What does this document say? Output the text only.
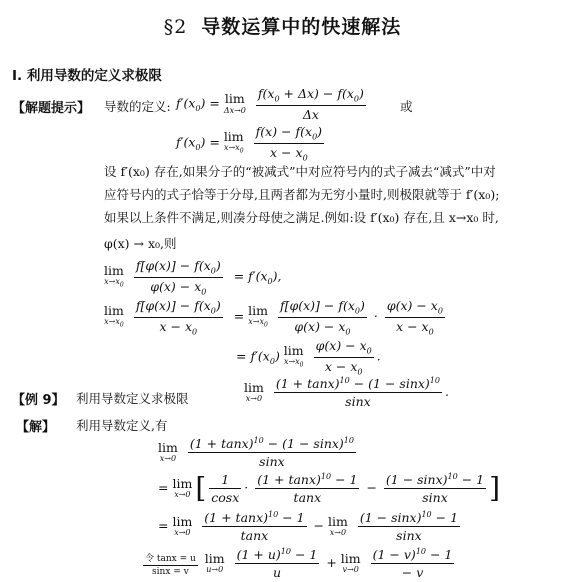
§2 导数运算中的快速解法
Ⅰ. 利用导数的定义求极限
【解题提示】 导数的定义: $f'(x_0) = \lim$
Δx→0
$\frac{f(x_0 + \Delta x) - f(x_0)}{\Delta x}$	或
$f'(x_0) = \lim$
$x\to x_0$
$\frac{f(x) - f(x_0)}{x - x_0}$
设 f′(x₀) 存在,如果分子的“被减式”中对应符号内的式子减去“减式”中对
应符号内的式子恰等于分母,且两者都为无穷小量时,则极限就等于 f′(x₀);
如果以上条件不满足,则凑分母使之满足.例如:设 f′(x₀) 存在,且 x→x₀ 时,
φ(x) → x₀,则
lim
$x\to x_0$
$\frac{f[\varphi(x)] - f(x_0)}{\varphi(x) - x_0} = f'(x_0)$,
lim
$x\to x_0$
$\frac{f[\varphi(x)] - f(x_0)}{x - x_0} = \lim$
$x\to x_0$
$\frac{f[\varphi(x)] - f(x_0)}{\varphi(x) - x_0} \cdot \frac{\varphi(x) - x_0}{x - x_0}$
= $f'(x_0)$ lim
$x\to x_0$
$\frac{\varphi(x) - x_0}{x - x_0}$ .
【例 9】 利用导数定义求极限
lim
x→0
$\frac{(1 + \tan x)^{10} - (1 - \sin x)^{10}}{\sin x}$ .
【解】 利用导数定义,有
lim
x→0
$\frac{(1 + \tan x)^{10} - (1 - \sin x)^{10}}{\sin x}$
= lim
x→0 [ $\frac{1}{\cos x} \cdot \frac{(1 + \tan x)^{10} - 1}{\tan x} - \frac{(1 - \sin x)^{10} - 1}{\sin x}$ ]
= lim
x→0
$\frac{(1 + \tan x)^{10} - 1}{\tan x} - \lim$
x→0
$\frac{(1 - \sin x)^{10} - 1}{\sin x}$
$\frac{\text{令 tanx = u}}{\sin x = v}$
lim
u→0
$\frac{(1 + u)^{10} - 1}{u} + \lim$
v→0
$\frac{(1 - v)^{10} - 1}{- v}$
